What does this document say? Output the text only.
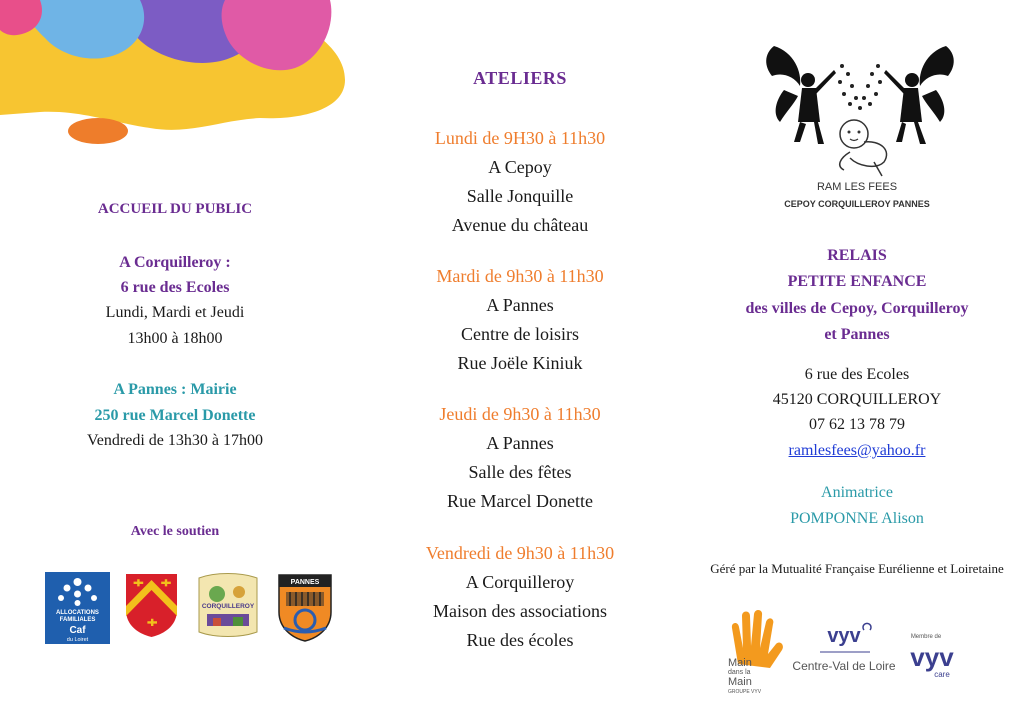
ACCUEIL DU PUBLIC
A Corquilleroy :
6 rue des Ecoles
Lundi, Mardi et Jeudi
13h00 à 18h00
A Pannes : Mairie
250 rue Marcel Donette
Vendredi de 13h30 à 17h00
Avec le soutien
ALLOCATIONS
FAMILIALES
Caf
du Loiret
CORQUILLEROY
PANNES
ATELIERS
Lundi de 9H30 à 11h30
A Cepoy
Salle Jonquille
Avenue du château
Mardi de 9h30 à 11h30
A Pannes
Centre de loisirs
Rue Joële Kiniuk
Jeudi de 9h30 à 11h30
A Pannes
Salle des fêtes
Rue Marcel Donette
Vendredi de 9h30 à 11h30
A Corquilleroy
Maison des associations
Rue des écoles
RAM LES FEES
CEPOY CORQUILLEROY PANNES
RELAIS
PETITE ENFANCE
des villes de Cepoy, Corquilleroy
et Pannes
6 rue des Ecoles
45120 CORQUILLEROY
07 62 13 78 79
ramlesfees@yahoo.fr
Animatrice
POMPONNE Alison
Géré par la Mutualité Française Eurélienne et Loiretaine
Main
dans la
Main
GROUPE VYV
vyv
Centre-Val de Loire
Membre de
vyv
care
